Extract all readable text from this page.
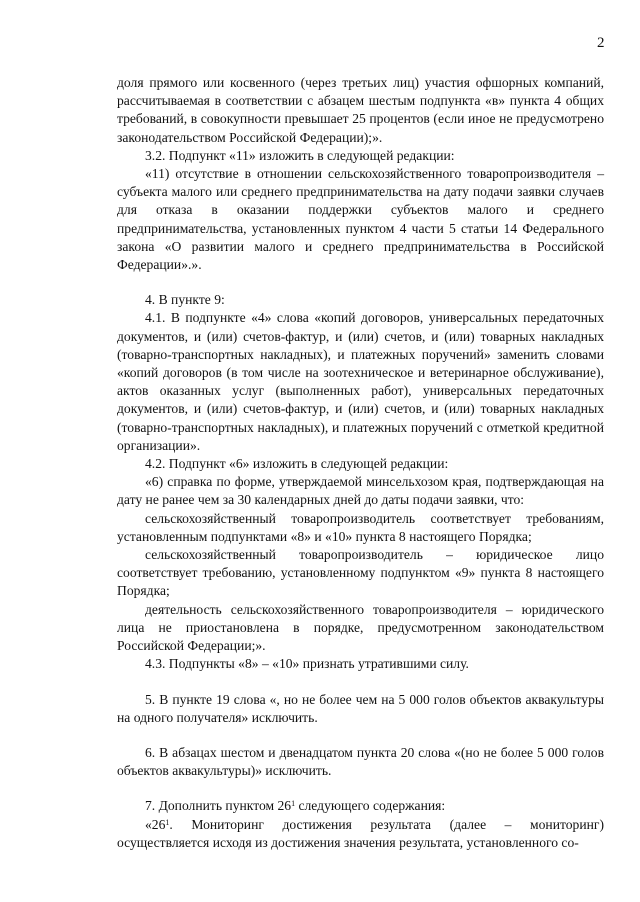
2

доля прямого или косвенного (через третьих лиц) участия офшорных компаний, рассчитываемая в соответствии с абзацем шестым подпункта «в» пункта 4 общих требований, в совокупности превышает 25 процентов (если иное не предусмотрено законодательством Российской Федерации);».

3.2. Подпункт «11» изложить в следующей редакции:

«11) отсутствие в отношении сельскохозяйственного товаропроизводителя – субъекта малого или среднего предпринимательства на дату подачи заявки случаев для отказа в оказании поддержки субъектов малого и среднего предпринимательства, установленных пунктом 4 части 5 статьи 14 Федерального закона «О развитии малого и среднего предпринимательства в Российской Федерации».».

4. В пункте 9:

4.1. В подпункте «4» слова «копий договоров, универсальных передаточных документов, и (или) счетов-фактур, и (или) счетов, и (или) товарных накладных (товарно-транспортных накладных), и платежных поручений» заменить словами «копий договоров (в том числе на зоотехническое и ветеринарное обслуживание), актов оказанных услуг (выполненных работ), универсальных передаточных документов, и (или) счетов-фактур, и (или) счетов, и (или) товарных накладных (товарно-транспортных накладных), и платежных поручений с отметкой кредитной организации».

4.2. Подпункт «6» изложить в следующей редакции:

«6) справка по форме, утверждаемой минсельхозом края, подтверждающая на дату не ранее чем за 30 календарных дней до даты подачи заявки, что:

сельскохозяйственный товаропроизводитель соответствует требованиям, установленным подпунктами «8» и «10» пункта 8 настоящего Порядка;

сельскохозяйственный товаропроизводитель – юридическое лицо соответствует требованию, установленному подпунктом «9» пункта 8 настоящего Порядка;

деятельность сельскохозяйственного товаропроизводителя – юридического лица не приостановлена в порядке, предусмотренном законодательством Российской Федерации;».

4.3. Подпункты «8» – «10» признать утратившими силу.

5. В пункте 19 слова «, но не более чем на 5 000 голов объектов аквакультуры на одного получателя» исключить.

6. В абзацах шестом и двенадцатом пункта 20 слова «(но не более 5 000 голов объектов аквакультуры)» исключить.

7. Дополнить пунктом $26^1$ следующего содержания:

«$26^1$. Мониторинг достижения результата (далее – мониторинг) осуществляется исходя из достижения значения результата, установленного со-
